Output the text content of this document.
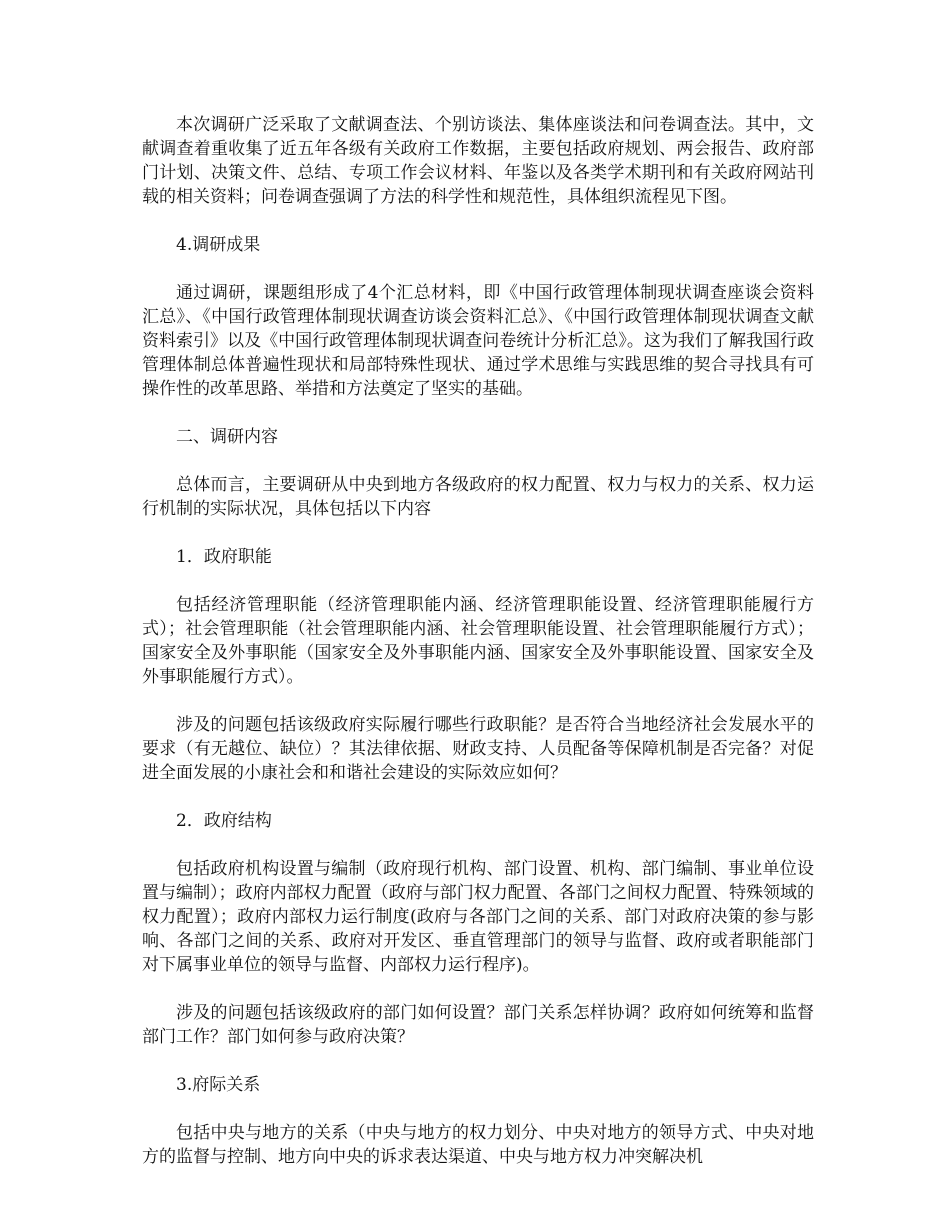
本次调研广泛采取了文献调查法、个别访谈法、集体座谈法和问卷调查法。其中，文献调查着重收集了近五年各级有关政府工作数据，主要包括政府规划、两会报告、政府部门计划、决策文件、总结、专项工作会议材料、年鉴以及各类学术期刊和有关政府网站刊载的相关资料；问卷调查强调了方法的科学性和规范性，具体组织流程见下图。

4.调研成果

通过调研，课题组形成了4个汇总材料，即《中国行政管理体制现状调查座谈会资料汇总》、《中国行政管理体制现状调查访谈会资料汇总》、《中国行政管理体制现状调查文献资料索引》以及《中国行政管理体制现状调查问卷统计分析汇总》。这为我们了解我国行政管理体制总体普遍性现状和局部特殊性现状、通过学术思维与实践思维的契合寻找具有可操作性的改革思路、举措和方法奠定了坚实的基础。

二、调研内容

总体而言，主要调研从中央到地方各级政府的权力配置、权力与权力的关系、权力运行机制的实际状况，具体包括以下内容

1．政府职能

包括经济管理职能（经济管理职能内涵、经济管理职能设置、经济管理职能履行方式）；社会管理职能（社会管理职能内涵、社会管理职能设置、社会管理职能履行方式）；国家安全及外事职能（国家安全及外事职能内涵、国家安全及外事职能设置、国家安全及外事职能履行方式）。

涉及的问题包括该级政府实际履行哪些行政职能？是否符合当地经济社会发展水平的要求（有无越位、缺位）？其法律依据、财政支持、人员配备等保障机制是否完备？对促进全面发展的小康社会和和谐社会建设的实际效应如何？

2．政府结构

包括政府机构设置与编制（政府现行机构、部门设置、机构、部门编制、事业单位设置与编制）；政府内部权力配置（政府与部门权力配置、各部门之间权力配置、特殊领域的权力配置）；政府内部权力运行制度(政府与各部门之间的关系、部门对政府决策的参与影响、各部门之间的关系、政府对开发区、垂直管理部门的领导与监督、政府或者职能部门对下属事业单位的领导与监督、内部权力运行程序)。

涉及的问题包括该级政府的部门如何设置？部门关系怎样协调？政府如何统筹和监督部门工作？部门如何参与政府决策？

3.府际关系

包括中央与地方的关系（中央与地方的权力划分、中央对地方的领导方式、中央对地方的监督与控制、地方向中央的诉求表达渠道、中央与地方权力冲突解决机
